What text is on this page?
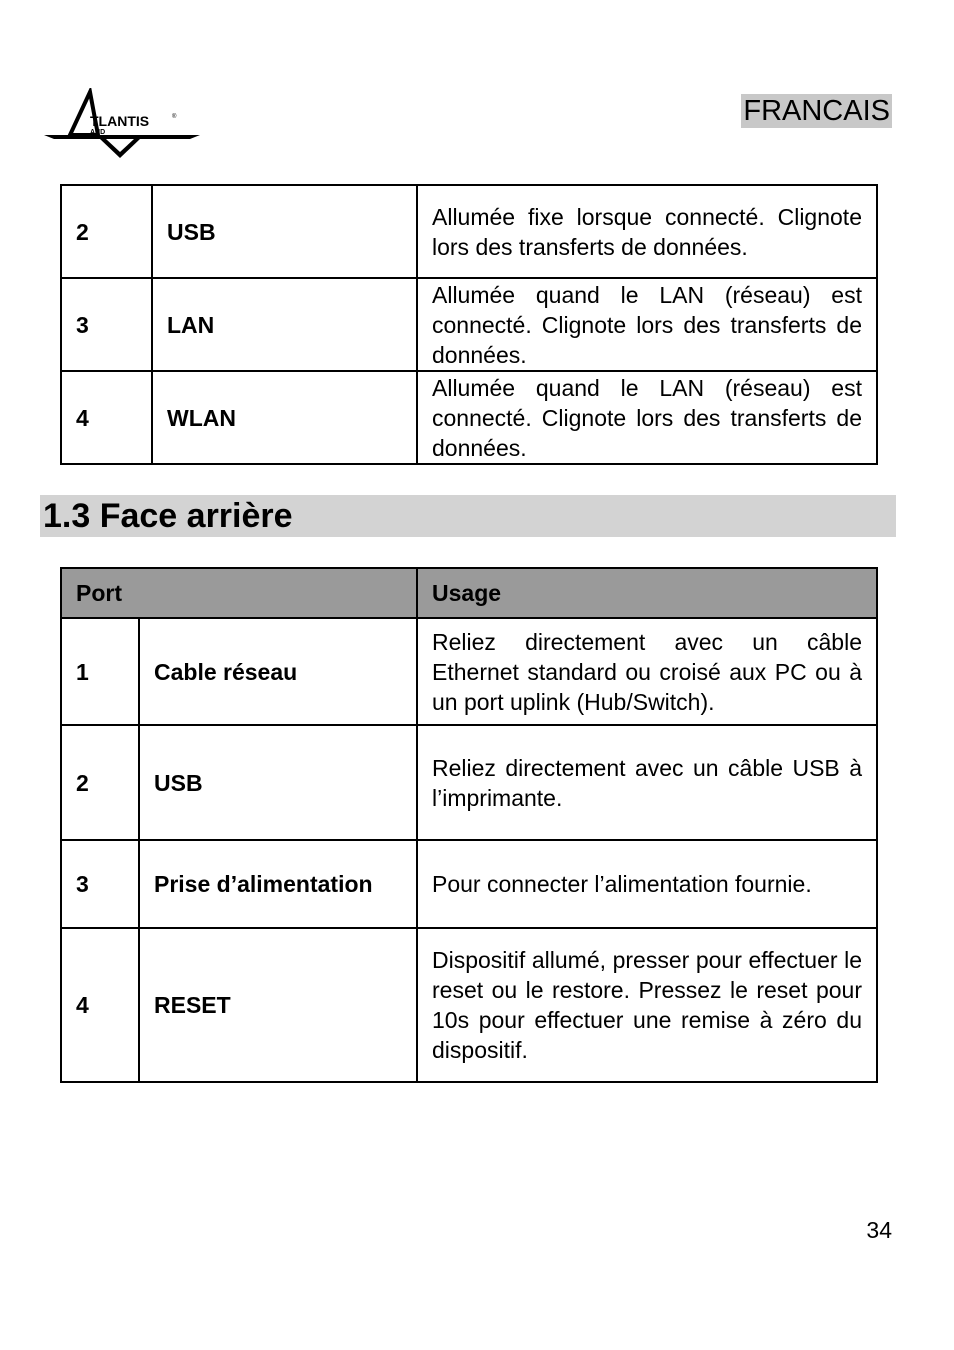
TLANTIS
AND
®	FRANCAIS
2	USB	Allumée fixe lorsque connecté. Clignote lors des transferts de données.
3	LAN	Allumée quand le LAN (réseau) est connecté. Clignote lors des transferts de données.
4	WLAN	Allumée quand le LAN (réseau) est connecté. Clignote lors des transferts de données.
1.3 Face arrière
Port		Usage
1	Cable réseau	Reliez directement avec un câble Ethernet standard ou croisé aux PC ou à un port uplink (Hub/Switch).
2	USB	Reliez directement avec un câble USB à l’imprimante.
3	Prise d’alimentation	Pour connecter l’alimentation fournie.
4	RESET	Dispositif allumé, presser pour effectuer le reset ou le restore. Pressez le reset pour 10s pour effectuer une remise à zéro du dispositif.
34
